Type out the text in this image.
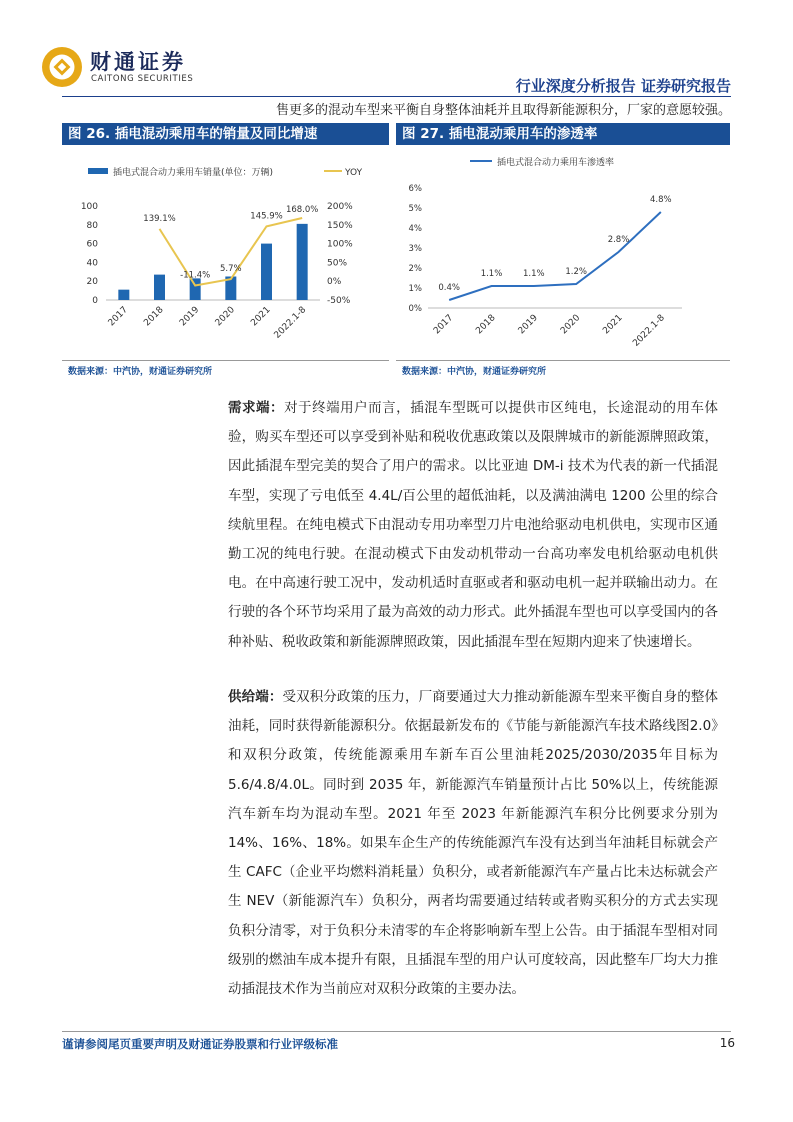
财通证券
CAITONG SECURITIES	行业深度分析报告 证券研究报告
售更多的混动车型来平衡自身整体油耗并且取得新能源积分，厂家的意愿较强。
图 26. 插电混动乘用车的销量及同比增速	图 27. 插电混动乘用车的渗透率
插电式混合动力乘用车销量(单位：万辆)	YOY
0
20
40
60
80
100
-50%
0%
50%
100%
150%
200%
139.1%
-11.4%
5.7%
145.9%
168.0%
2017 2018 2019 2020 2021 2022.1-8
插电式混合动力乘用车渗透率
0%
1%
2%
3%
4%
5%
6%
0.4%
1.1% 1.1% 1.2%
2.8%
4.8%
2017 2018 2019 2020 2021 2022.1-8
数据来源：中汽协，财通证券研究所	数据来源：中汽协，财通证券研究所

需求端：对于终端用户而言，插混车型既可以提供市区纯电，长途混动的用车体验，购买车型还可以享受到补贴和税收优惠政策以及限牌城市的新能源牌照政策，因此插混车型完美的契合了用户的需求。以比亚迪 DM-i 技术为代表的新一代插混车型，实现了亏电低至 4.4L/百公里的超低油耗，以及满油满电 1200 公里的综合续航里程。在纯电模式下由混动专用功率型刀片电池给驱动电机供电，实现市区通勤工况的纯电行驶。在混动模式下由发动机带动一台高功率发电机给驱动电机供电。在中高速行驶工况中，发动机适时直驱或者和驱动电机一起并联输出动力。在行驶的各个环节均采用了最为高效的动力形式。此外插混车型也可以享受国内的各种补贴、税收政策和新能源牌照政策，因此插混车型在短期内迎来了快速增长。

供给端：受双积分政策的压力，厂商要通过大力推动新能源车型来平衡自身的整体油耗，同时获得新能源积分。依据最新发布的《节能与新能源汽车技术路线图2.0》和双积分政策，传统能源乘用车新车百公里油耗2025/2030/2035年目标为 5.6/4.8/4.0L。同时到 2035 年，新能源汽车销量预计占比 50%以上，传统能源汽车新车均为混动车型。2021 年至 2023 年新能源汽车积分比例要求分别为14%、16%、18%。如果车企生产的传统能源汽车没有达到当年油耗目标就会产生 CAFC（企业平均燃料消耗量）负积分，或者新能源汽车产量占比未达标就会产生 NEV（新能源汽车）负积分，两者均需要通过结转或者购买积分的方式去实现负积分清零，对于负积分未清零的车企将影响新车型上公告。由于插混车型相对同级别的燃油车成本提升有限，且插混车型的用户认可度较高，因此整车厂均大力推动插混技术作为当前应对双积分政策的主要办法。

谨请参阅尾页重要声明及财通证券股票和行业评级标准	16
